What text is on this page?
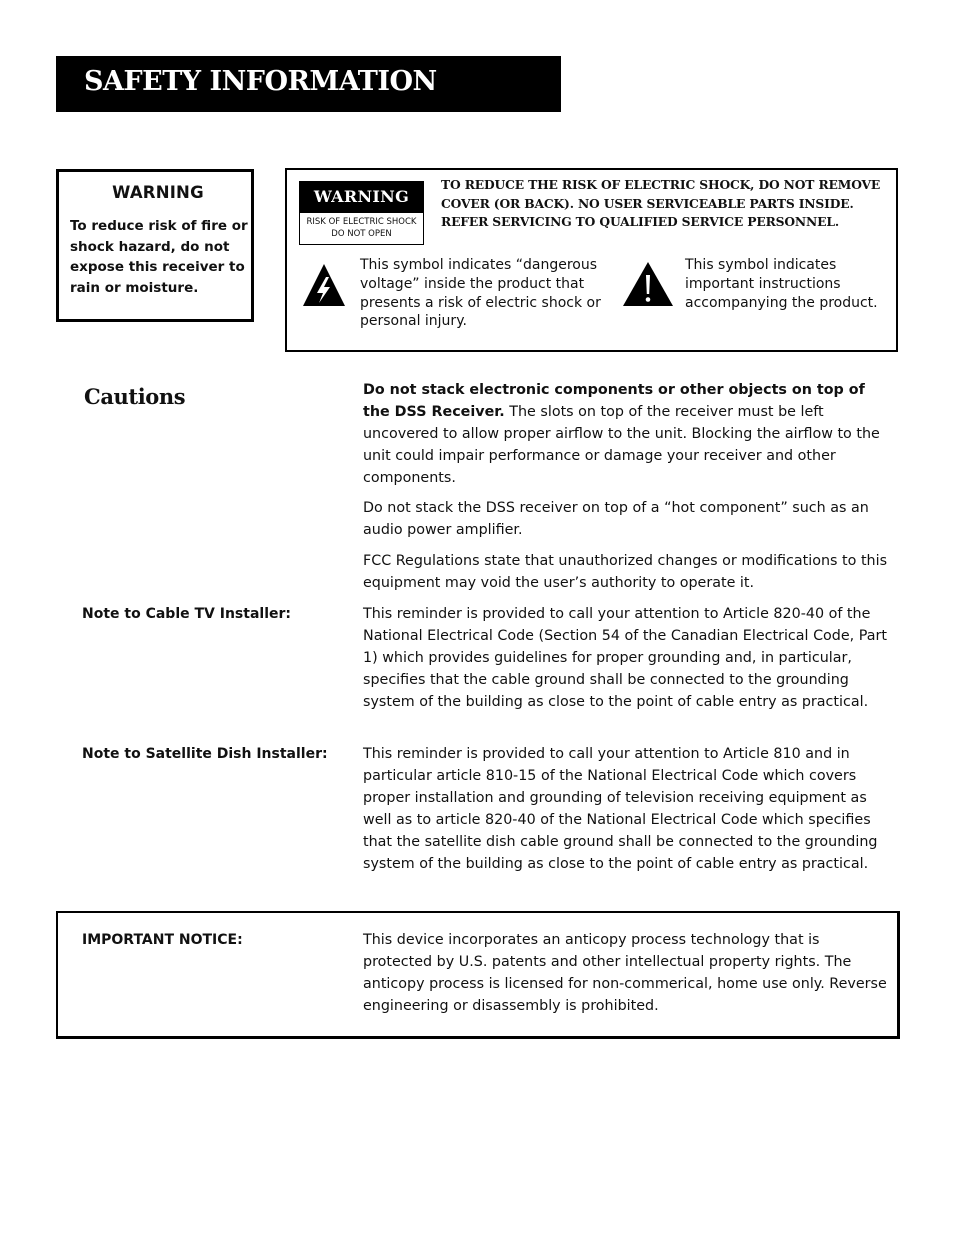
SAFETY INFORMATION
WARNING
To reduce risk of fire or shock hazard, do not expose this receiver to rain or moisture.
WARNING
RISK OF ELECTRIC SHOCK
DO NOT OPEN
TO REDUCE THE RISK OF ELECTRIC SHOCK, DO NOT REMOVE COVER (OR BACK). NO USER SERVICEABLE PARTS INSIDE. REFER SERVICING TO QUALIFIED SERVICE PERSONNEL.
This symbol indicates “dangerous voltage” inside the product that presents a risk of electric shock or personal injury.
This symbol indicates important instructions accompanying the product.
Cautions	Do not stack electronic components or other objects on top of the DSS Receiver. The slots on top of the receiver must be left uncovered to allow proper airflow to the unit. Blocking the airflow to the unit could impair performance or damage your receiver and other components.

Do not stack the DSS receiver on top of a “hot component” such as an audio power amplifier.

FCC Regulations state that unauthorized changes or modifications to this equipment may void the user’s authority to operate it.

Note to Cable TV Installer:	This reminder is provided to call your attention to Article 820-40 of the National Electrical Code (Section 54 of the Canadian Electrical Code, Part 1) which provides guidelines for proper grounding and, in particular, specifies that the cable ground shall be connected to the grounding system of the building as close to the point of cable entry as practical.

Note to Satellite Dish Installer: This reminder is provided to call your attention to Article 810 and in particular article 810-15 of the National Electrical Code which covers proper installation and grounding of television receiving equipment as well as to article 820-40 of the National Electrical Code which specifies that the satellite dish cable ground shall be connected to the grounding system of the building as close to the point of cable entry as practical.

IMPORTANT NOTICE:	This device incorporates an anticopy process technology that is protected by U.S. patents and other intellectual property rights. The anticopy process is licensed for non-commerical, home use only. Reverse engineering or disassembly is prohibited.
